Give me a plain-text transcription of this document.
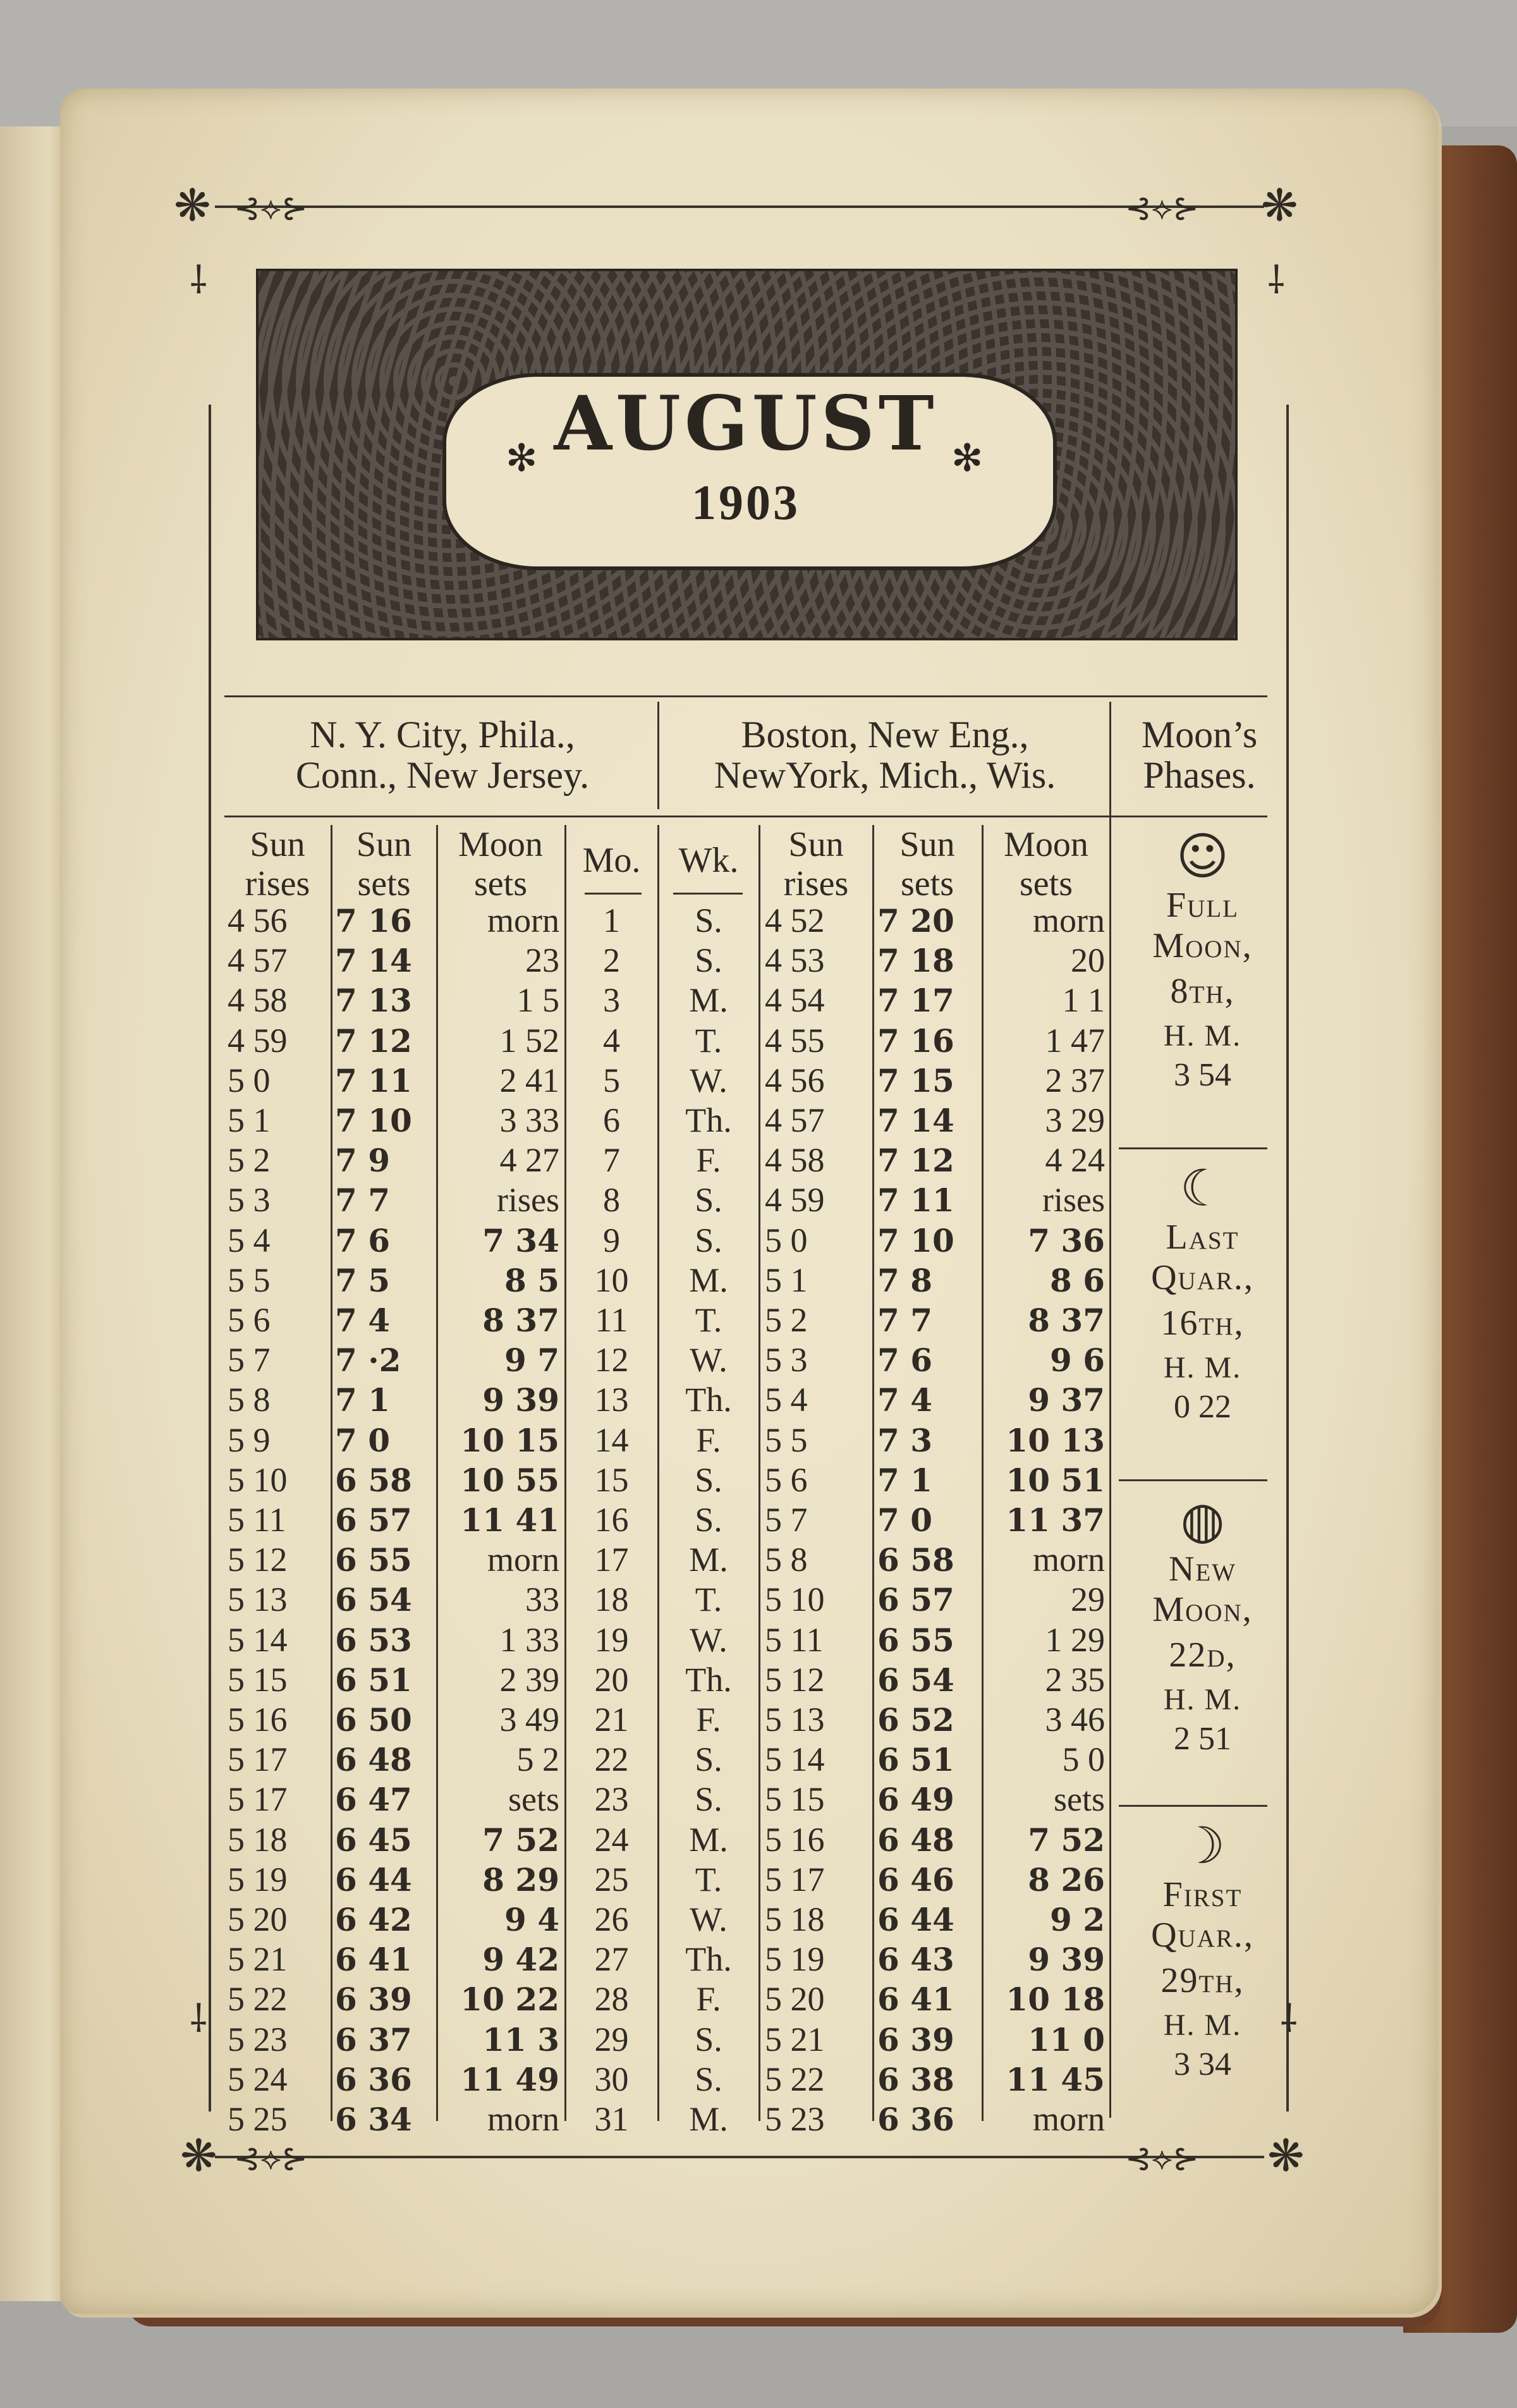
❋	❋
❋	❋
⊰⟡⊱	⊰⟡⊱
⊰⟡⊱	⊰⟡⊱
⸸	⸸
⸸	⸸
✻	✻
AUGUST
1903
N. Y. City, Phila.,
Conn., New Jersey.
Boston, New Eng.,
NewYork, Mich., Wis.
Moon’s
Phases.
Sun
rises
Sun
sets
Moon
sets
Mo.	Wk.	Sun
rises
Sun
sets
Moon
sets
4 56	7 16	morn	1	S.	4 52	7 20	morn
4 57	7 14	23	2	S.	4 53	7 18	20
4 58	7 13	1 5	3	M.	4 54	7 17	1 1
4 59	7 12	1 52	4	T.	4 55	7 16	1 47
5 0	7 11	2 41	5	W.	4 56	7 15	2 37
5 1	7 10	3 33	6	Th. 4 57	7 14	3 29
5 2	7 9	4 27	7	F.	4 58	7 12	4 24
5 3	7 7	rises	8	S.	4 59	7 11	rises
5 4	7 6	7 34	9	S.	5 0	7 10	7 36
5 5	7 5	8 5	10	M.	5 1	7 8	8 6
5 6	7 4	8 37	11	T.	5 2	7 7	8 37
5 7	7 ·2	9 7	12	W.	5 3	7 6	9 6
5 8	7 1	9 39	13	Th. 5 4	7 4	9 37
5 9	7 0	10 15	14	F.	5 5	7 3	10 13
5 10	6 58	10 55	15	S.	5 6	7 1	10 51
5 11	6 57	11 41	16	S.	5 7	7 0	11 37
5 12	6 55	morn	17	M.	5 8	6 58	morn
5 13	6 54	33	18	T.	5 10	6 57	29
5 14	6 53	1 33	19	W.	5 11	6 55	1 29
5 15	6 51	2 39	20	Th. 5 12	6 54	2 35
5 16	6 50	3 49	21	F.	5 13	6 52	3 46
5 17	6 48	5 2	22	S.	5 14	6 51	5 0
5 17	6 47	sets	23	S.	5 15	6 49	sets
5 18	6 45	7 52	24	M.	5 16	6 48	7 52
5 19	6 44	8 29	25	T.	5 17	6 46	8 26
5 20	6 42	9 4	26	W.	5 18	6 44	9 2
5 21	6 41	9 42	27	Th. 5 19	6 43	9 39
5 22	6 39	10 22	28	F.	5 20	6 41	10 18
5 23	6 37	11 3	29	S.	5 21	6 39	11 0
5 24	6 36	11 49	30	S.	5 22	6 38	11 45
5 25	6 34	morn	31	M.	5 23	6 36	morn
☺
Full
Moon,
8th,
H. M.
3 54
☾
Last
Quar.,
16th,
H. M.
0 22
◍
New
Moon,
22d,
H. M.
2 51
☽
First
Quar.,
29th,
H. M.
3 34
